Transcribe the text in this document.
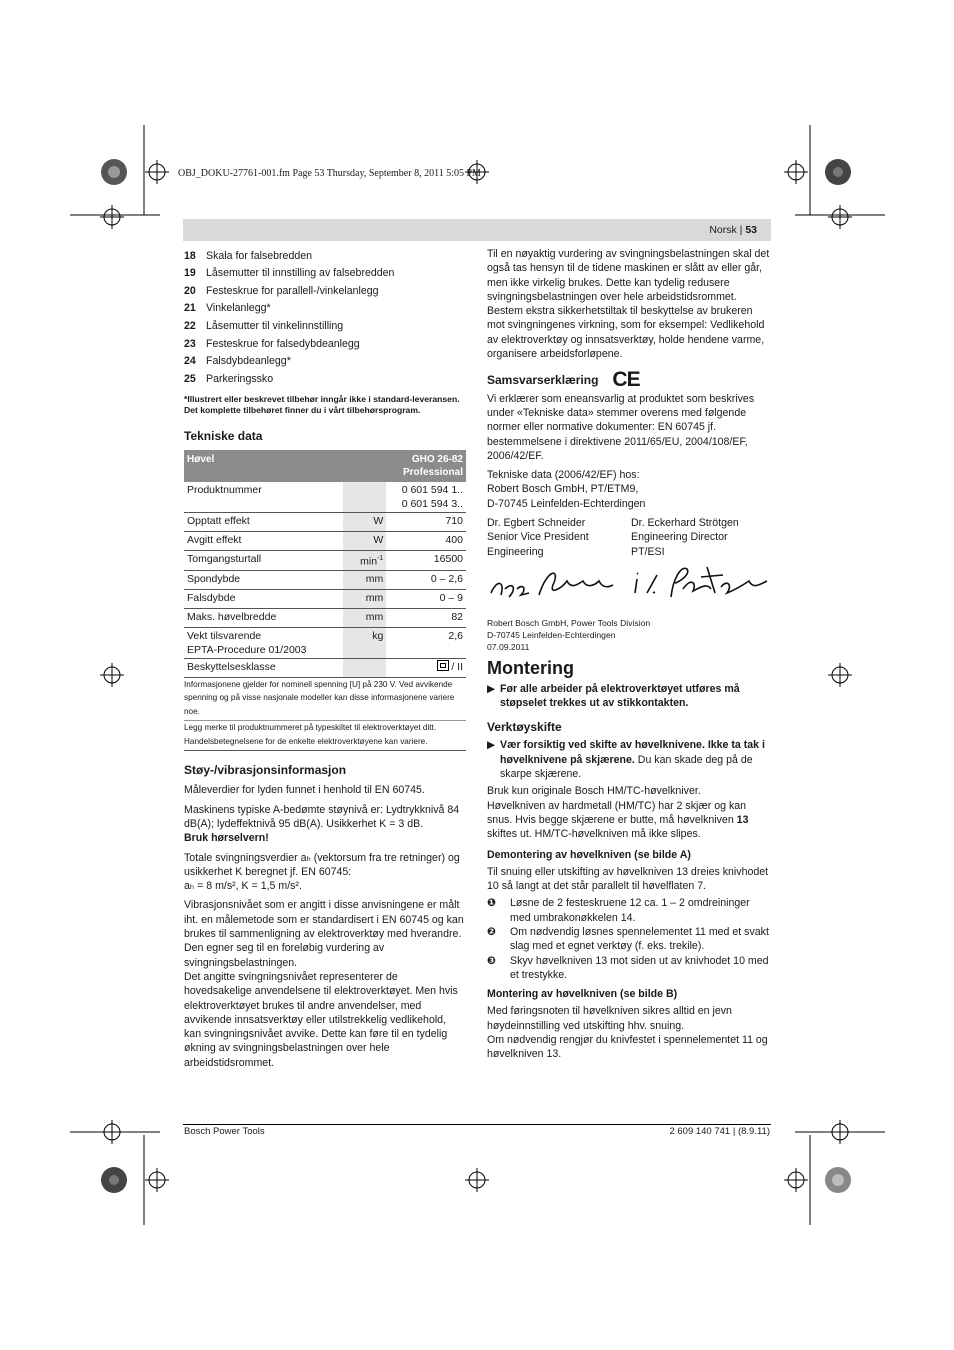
OBJ_DOKU-27761-001.fm Page 53 Thursday, September 8, 2011 5:05 PM
Norsk | 53
18 Skala for falsebredden
19 Låsemutter til innstilling av falsebredden
20 Festeskrue for parallell-/vinkelanlegg
21 Vinkelanlegg*
22 Låsemutter til vinkelinnstilling
23 Festeskrue for falsedybdeanlegg
24 Falsdybdeanlegg*
25 Parkeringssko
*Illustrert eller beskrevet tilbehør inngår ikke i standard-leveransen. Det komplette tilbehøret finner du i vårt tilbehørsprogram.
Tekniske data
Høvel		GHO 26-82
Professional
Produktnummer		0 601 594 1..
0 601 594 3..
Opptatt effekt	W	710
Avgitt effekt	W	400
Tomgangsturtall	$\min^{-1}$	16500
Spondybde	mm	0 – 2,6
Falsdybde	mm	0 – 9
Maks. høvelbredde	mm	82
Vekt tilsvarende
EPTA-Procedure 01/2003	kg	2,6
Beskyttelsesklasse		/ II
Informasjonene gjelder for nominell spenning [U] på 230 V. Ved avvikende spenning og på visse nasjonale modeller kan disse informasjonene variere noe.
Legg merke til produktnummeret på typeskiltet til elektroverktøyet ditt. Handelsbetegnelsene for de enkelte elektroverktøyene kan variere.
Støy-/vibrasjonsinformasjon

Måleverdier for lyden funnet i henhold til EN 60745.

Maskinens typiske A-bedømte støynivå er: Lydtrykknivå 84 dB(A); lydeffektnivå 95 dB(A). Usikkerhet K = 3 dB.

Bruk hørselvern!

Totale svingningsverdier aₕ (vektorsum fra tre retninger) og usikkerhet K beregnet jf. EN 60745:

aₕ = 8 m/s², K = 1,5 m/s².

Vibrasjonsnivået som er angitt i disse anvisningene er målt iht. en målemetode som er standardisert i EN 60745 og kan brukes til sammenligning av elektroverktøy med hverandre. Den egner seg til en foreløbig vurdering av svingningsbelastningen.

Det angitte svingningsnivået representerer de hovedsakelige anvendelsene til elektroverktøyet. Men hvis elektroverktøyet brukes til andre anvendelser, med avvikende innsatsverktøy eller utilstrekkelig vedlikehold, kan svingningsnivået avvike. Dette kan føre til en tydelig økning av svingningsbelastningen over hele arbeidstidsrommet.

Til en nøyaktig vurdering av svingningsbelastningen skal det også tas hensyn til de tidene maskinen er slått av eller går, men ikke virkelig brukes. Dette kan tydelig redusere svingningsbelastningen over hele arbeidstidsrommet.

Bestem ekstra sikkerhetstiltak til beskyttelse av brukeren mot svingningenes virkning, som for eksempel: Vedlikehold av elektroverktøy og innsatsverktøy, holde hendene varme, organisere arbeidsforløpene.

Samsvarserklæring CE

Vi erklærer som eneansvarlig at produktet som beskrives under «Tekniske data» stemmer overens med følgende normer eller normative dokumenter: EN 60745 jf. bestemmelsene i direktivene 2011/65/EU, 2004/108/EF, 2006/42/EF.

Tekniske data (2006/42/EF) hos:

Robert Bosch GmbH, PT/ETM9,

D-70745 Leinfelden-Echterdingen

Dr. Egbert Schneider

Senior Vice President

Engineering

Dr. Eckerhard Strötgen

Engineering Director

PT/ESI

Robert Bosch GmbH, Power Tools Division

D-70745 Leinfelden-Echterdingen

07.09.2011

Montering
▶ Før alle arbeider på elektroverktøyet utføres må støpselet trekkes ut av stikkontakten.
Verktøyskifte
▶ Vær forsiktig ved skifte av høvelknivene. Ikke ta tak i høvelknivene på skjærene. Du kan skade deg på de skarpe skjærene.

Bruk kun originale Bosch HM/TC-høvelkniver.

Høvelkniven av hardmetall (HM/TC) har 2 skjær og kan snus. Hvis begge skjærene er butte, må høvelkniven 13 skiftes ut. HM/TC-høvelkniven må ikke slipes.

Demontering av høvelkniven (se bilde A)

Til snuing eller utskifting av høvelkniven 13 dreies knivhodet 10 så langt at det står parallelt til høvelflaten 7.

❶	Løsne de 2 festeskruene 12 ca. 1 – 2 omdreininger med umbrakonøkkelen 14.
❷	Om nødvendig løsnes spennelementet 11 med et svakt slag med et egnet verktøy (f. eks. trekile).
❸	Skyv høvelkniven 13 mot siden ut av knivhodet 10 med et trestykke.

Montering av høvelkniven (se bilde B)

Med føringsnoten til høvelkniven sikres alltid en jevn høydeinnstilling ved utskifting hhv. snuing.

Om nødvendig rengjør du knivfestet i spennelementet 11 og høvelkniven 13.

Bosch Power Tools	2 609 140 741 | (8.9.11)
